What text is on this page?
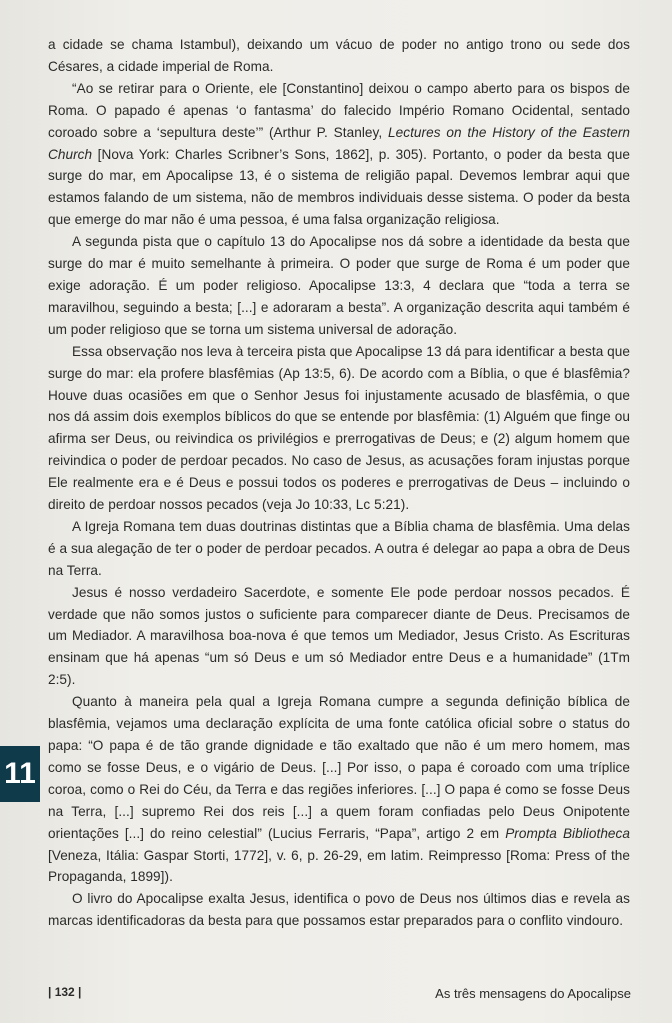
a cidade se chama Istambul), deixando um vácuo de poder no antigo trono ou sede dos Césares, a cidade imperial de Roma.

“Ao se retirar para o Oriente, ele [Constantino] deixou o campo aberto para os bispos de Roma. O papado é apenas ‘o fantasma’ do falecido Império Romano Ocidental, sentado coroado sobre a ‘sepultura deste’” (Arthur P. Stanley, Lectures on the History of the Eastern Church [Nova York: Charles Scribner’s Sons, 1862], p. 305). Portanto, o poder da besta que surge do mar, em Apocalipse 13, é o sistema de religião papal. Devemos lembrar aqui que estamos falando de um sistema, não de membros individuais desse sistema. O poder da besta que emerge do mar não é uma pessoa, é uma falsa organização religiosa.

A segunda pista que o capítulo 13 do Apocalipse nos dá sobre a identidade da besta que surge do mar é muito semelhante à primeira. O poder que surge de Roma é um poder que exige adoração. É um poder religioso. Apocalipse 13:3, 4 declara que “toda a terra se maravilhou, seguindo a besta; [...] e adoraram a besta”. A organização descrita aqui também é um poder religioso que se torna um sistema universal de adoração.

Essa observação nos leva à terceira pista que Apocalipse 13 dá para identificar a besta que surge do mar: ela profere blasfêmias (Ap 13:5, 6). De acordo com a Bíblia, o que é blasfêmia? Houve duas ocasiões em que o Senhor Jesus foi injustamente acusado de blasfêmia, o que nos dá assim dois exemplos bíblicos do que se entende por blasfêmia: (1) Alguém que finge ou afirma ser Deus, ou reivindica os privilégios e prerrogativas de Deus; e (2) algum homem que reivindica o poder de perdoar pecados. No caso de Jesus, as acusações foram injustas porque Ele realmente era e é Deus e possui todos os poderes e prerrogativas de Deus – incluindo o direito de perdoar nossos pecados (veja Jo 10:33, Lc 5:21).

A Igreja Romana tem duas doutrinas distintas que a Bíblia chama de blasfêmia. Uma delas é a sua alegação de ter o poder de perdoar pecados. A outra é delegar ao papa a obra de Deus na Terra.

Jesus é nosso verdadeiro Sacerdote, e somente Ele pode perdoar nossos pecados. É verdade que não somos justos o suficiente para comparecer diante de Deus. Precisamos de um Mediador. A maravilhosa boa-nova é que temos um Mediador, Jesus Cristo. As Escrituras ensinam que há apenas “um só Deus e um só Mediador entre Deus e a humanidade” (1Tm 2:5).

Quanto à maneira pela qual a Igreja Romana cumpre a segunda definição bíblica de blasfêmia, vejamos uma declaração explícita de uma fonte católica oficial sobre o status do papa: “O papa é de tão grande dignidade e tão exaltado que não é um mero homem, mas como se fosse Deus, e o vigário de Deus. [...] Por isso, o papa é coroado com uma tríplice coroa, como o Rei do Céu, da Terra e das regiões inferiores. [...] O papa é como se fosse Deus na Terra, [...] supremo Rei dos reis [...] a quem foram confiadas pelo Deus Onipotente orientações [...] do reino celestial” (Lucius Ferraris, “Papa”, artigo 2 em Prompta Bibliotheca [Veneza, Itália: Gaspar Storti, 1772], v. 6, p. 26-29, em latim. Reimpresso [Roma: Press of the Propaganda, 1899]).

O livro do Apocalipse exalta Jesus, identifica o povo de Deus nos últimos dias e revela as marcas identificadoras da besta para que possamos estar preparados para o conflito vindouro.

11
| 132 |	As três mensagens do Apocalipse
